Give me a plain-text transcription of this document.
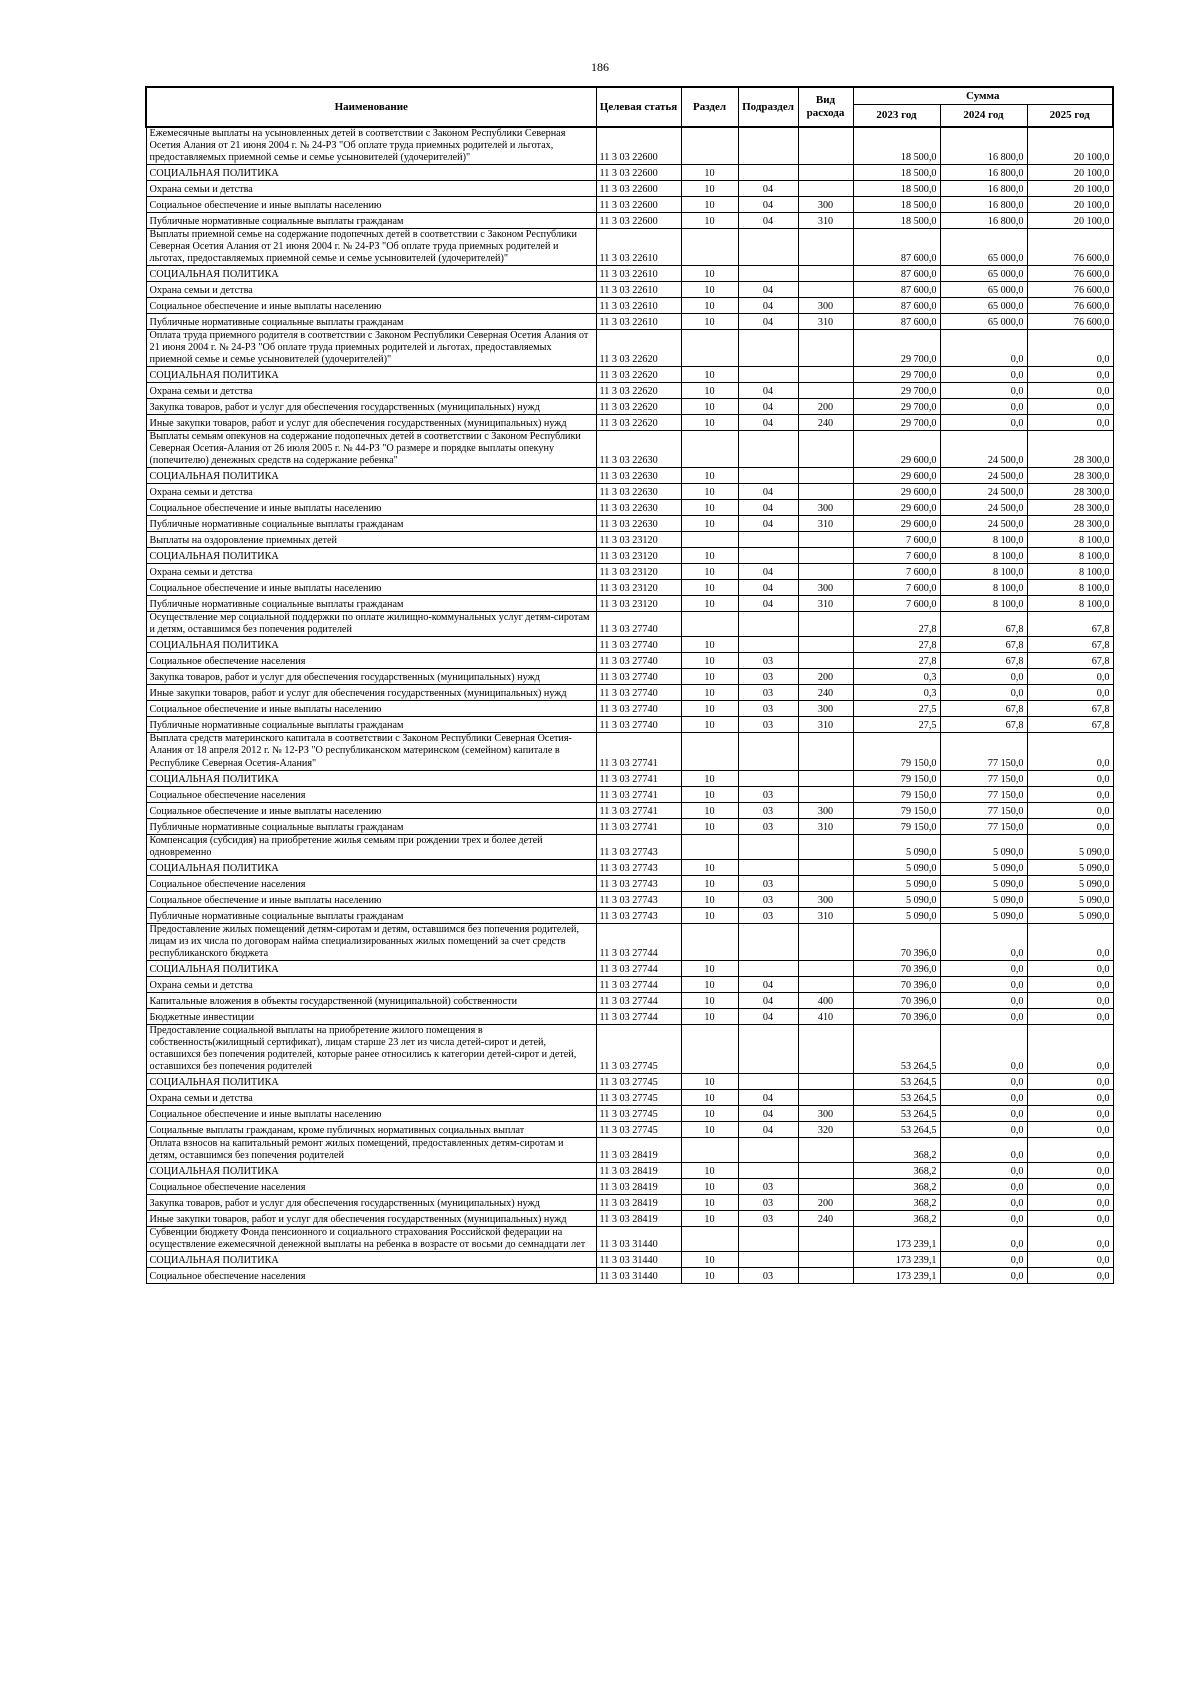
186
Наименование	Целевая статья	Раздел	Подраздел	Вид расхода	Сумма		
					2023 год	2024 год	2025 год
Ежемесячные выплаты на усыновленных детей в соответствии с Законом Республики Северная Осетия Алания от 21 июня 2004 г. № 24-РЗ "Об оплате труда приемных родителей и льготах, предоставляемых приемной семье и семье усыновителей (удочерителей)"	11 3 03 22600				18 500,0	16 800,0	20 100,0
СОЦИАЛЬНАЯ ПОЛИТИКА	11 3 03 22600	10			18 500,0	16 800,0	20 100,0
Охрана семьи и детства	11 3 03 22600	10	04		18 500,0	16 800,0	20 100,0
Социальное обеспечение и иные выплаты населению	11 3 03 22600	10	04	300	18 500,0	16 800,0	20 100,0
Публичные нормативные социальные выплаты гражданам	11 3 03 22600	10	04	310	18 500,0	16 800,0	20 100,0
Выплаты приемной семье на содержание подопечных детей в соответствии с Законом Республики Северная Осетия Алания от 21 июня 2004 г. № 24-РЗ "Об оплате труда приемных родителей и льготах, предоставляемых приемной семье и семье усыновителей (удочерителей)"	11 3 03 22610				87 600,0	65 000,0	76 600,0
СОЦИАЛЬНАЯ ПОЛИТИКА	11 3 03 22610	10			87 600,0	65 000,0	76 600,0
Охрана семьи и детства	11 3 03 22610	10	04		87 600,0	65 000,0	76 600,0
Социальное обеспечение и иные выплаты населению	11 3 03 22610	10	04	300	87 600,0	65 000,0	76 600,0
Публичные нормативные социальные выплаты гражданам	11 3 03 22610	10	04	310	87 600,0	65 000,0	76 600,0
Оплата труда приемного родителя в соответствии с Законом Республики Северная Осетия Алания от 21 июня 2004 г. № 24-РЗ "Об оплате труда приемных родителей и льготах, предоставляемых приемной семье и семье усыновителей (удочерителей)"	11 3 03 22620				29 700,0	0,0	0,0
СОЦИАЛЬНАЯ ПОЛИТИКА	11 3 03 22620	10			29 700,0	0,0	0,0
Охрана семьи и детства	11 3 03 22620	10	04		29 700,0	0,0	0,0
Закупка товаров, работ и услуг для обеспечения государственных (муниципальных) нужд	11 3 03 22620	10	04	200	29 700,0	0,0	0,0
Иные закупки товаров, работ и услуг для обеспечения государственных (муниципальных) нужд	11 3 03 22620	10	04	240	29 700,0	0,0	0,0
Выплаты семьям опекунов на содержание подопечных детей в соответствии с Законом Республики Северная Осетия-Алания от 26 июля 2005 г. № 44-РЗ "О размере и порядке выплаты опекуну (попечителю) денежных средств на содержание ребенка"	11 3 03 22630				29 600,0	24 500,0	28 300,0
СОЦИАЛЬНАЯ ПОЛИТИКА	11 3 03 22630	10			29 600,0	24 500,0	28 300,0
Охрана семьи и детства	11 3 03 22630	10	04		29 600,0	24 500,0	28 300,0
Социальное обеспечение и иные выплаты населению	11 3 03 22630	10	04	300	29 600,0	24 500,0	28 300,0
Публичные нормативные социальные выплаты гражданам	11 3 03 22630	10	04	310	29 600,0	24 500,0	28 300,0
Выплаты на оздоровление приемных детей	11 3 03 23120				7 600,0	8 100,0	8 100,0
СОЦИАЛЬНАЯ ПОЛИТИКА	11 3 03 23120	10			7 600,0	8 100,0	8 100,0
Охрана семьи и детства	11 3 03 23120	10	04		7 600,0	8 100,0	8 100,0
Социальное обеспечение и иные выплаты населению	11 3 03 23120	10	04	300	7 600,0	8 100,0	8 100,0
Публичные нормативные социальные выплаты гражданам	11 3 03 23120	10	04	310	7 600,0	8 100,0	8 100,0
Осуществление мер социальной поддержки по оплате жилищно-коммунальных услуг детям-сиротам и детям, оставшимся без попечения родителей	11 3 03 27740				27,8	67,8	67,8
СОЦИАЛЬНАЯ ПОЛИТИКА	11 3 03 27740	10			27,8	67,8	67,8
Социальное обеспечение населения	11 3 03 27740	10	03		27,8	67,8	67,8
Закупка товаров, работ и услуг для обеспечения государственных (муниципальных) нужд	11 3 03 27740	10	03	200	0,3	0,0	0,0
Иные закупки товаров, работ и услуг для обеспечения государственных (муниципальных) нужд	11 3 03 27740	10	03	240	0,3	0,0	0,0
Социальное обеспечение и иные выплаты населению	11 3 03 27740	10	03	300	27,5	67,8	67,8
Публичные нормативные социальные выплаты гражданам	11 3 03 27740	10	03	310	27,5	67,8	67,8
Выплата средств материнского капитала в соответствии с Законом Республики Северная Осетия-Алания от 18 апреля 2012 г. № 12-РЗ "О республиканском материнском (семейном) капитале в Республике Северная Осетия-Алания"	11 3 03 27741				79 150,0	77 150,0	0,0
СОЦИАЛЬНАЯ ПОЛИТИКА	11 3 03 27741	10			79 150,0	77 150,0	0,0
Социальное обеспечение населения	11 3 03 27741	10	03		79 150,0	77 150,0	0,0
Социальное обеспечение и иные выплаты населению	11 3 03 27741	10	03	300	79 150,0	77 150,0	0,0
Публичные нормативные социальные выплаты гражданам	11 3 03 27741	10	03	310	79 150,0	77 150,0	0,0
Компенсация (субсидия) на приобретение жилья семьям при рождении трех и более детей одновременно	11 3 03 27743				5 090,0	5 090,0	5 090,0
СОЦИАЛЬНАЯ ПОЛИТИКА	11 3 03 27743	10			5 090,0	5 090,0	5 090,0
Социальное обеспечение населения	11 3 03 27743	10	03		5 090,0	5 090,0	5 090,0
Социальное обеспечение и иные выплаты населению	11 3 03 27743	10	03	300	5 090,0	5 090,0	5 090,0
Публичные нормативные социальные выплаты гражданам	11 3 03 27743	10	03	310	5 090,0	5 090,0	5 090,0
Предоставление жилых помещений детям-сиротам и детям, оставшимся без попечения родителей, лицам из их числа по договорам найма специализированных жилых помещений за счет средств республиканского бюджета	11 3 03 27744				70 396,0	0,0	0,0
СОЦИАЛЬНАЯ ПОЛИТИКА	11 3 03 27744	10			70 396,0	0,0	0,0
Охрана семьи и детства	11 3 03 27744	10	04		70 396,0	0,0	0,0
Капитальные вложения в объекты государственной (муниципальной) собственности	11 3 03 27744	10	04	400	70 396,0	0,0	0,0
Бюджетные инвестиции	11 3 03 27744	10	04	410	70 396,0	0,0	0,0
Предоставление социальной выплаты на приобретение жилого помещения в собственность(жилищный сертификат), лицам старше 23 лет из числа детей-сирот и детей, оставшихся без попечения родителей, которые ранее относились к категории детей-сирот и детей, оставшихся без попечения родителей	11 3 03 27745				53 264,5	0,0	0,0
СОЦИАЛЬНАЯ ПОЛИТИКА	11 3 03 27745	10			53 264,5	0,0	0,0
Охрана семьи и детства	11 3 03 27745	10	04		53 264,5	0,0	0,0
Социальное обеспечение и иные выплаты населению	11 3 03 27745	10	04	300	53 264,5	0,0	0,0
Социальные выплаты гражданам, кроме публичных нормативных социальных выплат	11 3 03 27745	10	04	320	53 264,5	0,0	0,0
Оплата взносов на капитальный ремонт жилых помещений, предоставленных детям-сиротам и детям, оставшимся без попечения родителей	11 3 03 28419				368,2	0,0	0,0
СОЦИАЛЬНАЯ ПОЛИТИКА	11 3 03 28419	10			368,2	0,0	0,0
Социальное обеспечение населения	11 3 03 28419	10	03		368,2	0,0	0,0
Закупка товаров, работ и услуг для обеспечения государственных (муниципальных) нужд	11 3 03 28419	10	03	200	368,2	0,0	0,0
Иные закупки товаров, работ и услуг для обеспечения государственных (муниципальных) нужд	11 3 03 28419	10	03	240	368,2	0,0	0,0
Субвенции бюджету Фонда пенсионного и социального страхования Российской федерации на осуществление ежемесячной денежной выплаты на ребенка в возрасте от восьми до семнадцати лет	11 3 03 31440				173 239,1	0,0	0,0
СОЦИАЛЬНАЯ ПОЛИТИКА	11 3 03 31440	10			173 239,1	0,0	0,0
Социальное обеспечение населения	11 3 03 31440	10	03		173 239,1	0,0	0,0
